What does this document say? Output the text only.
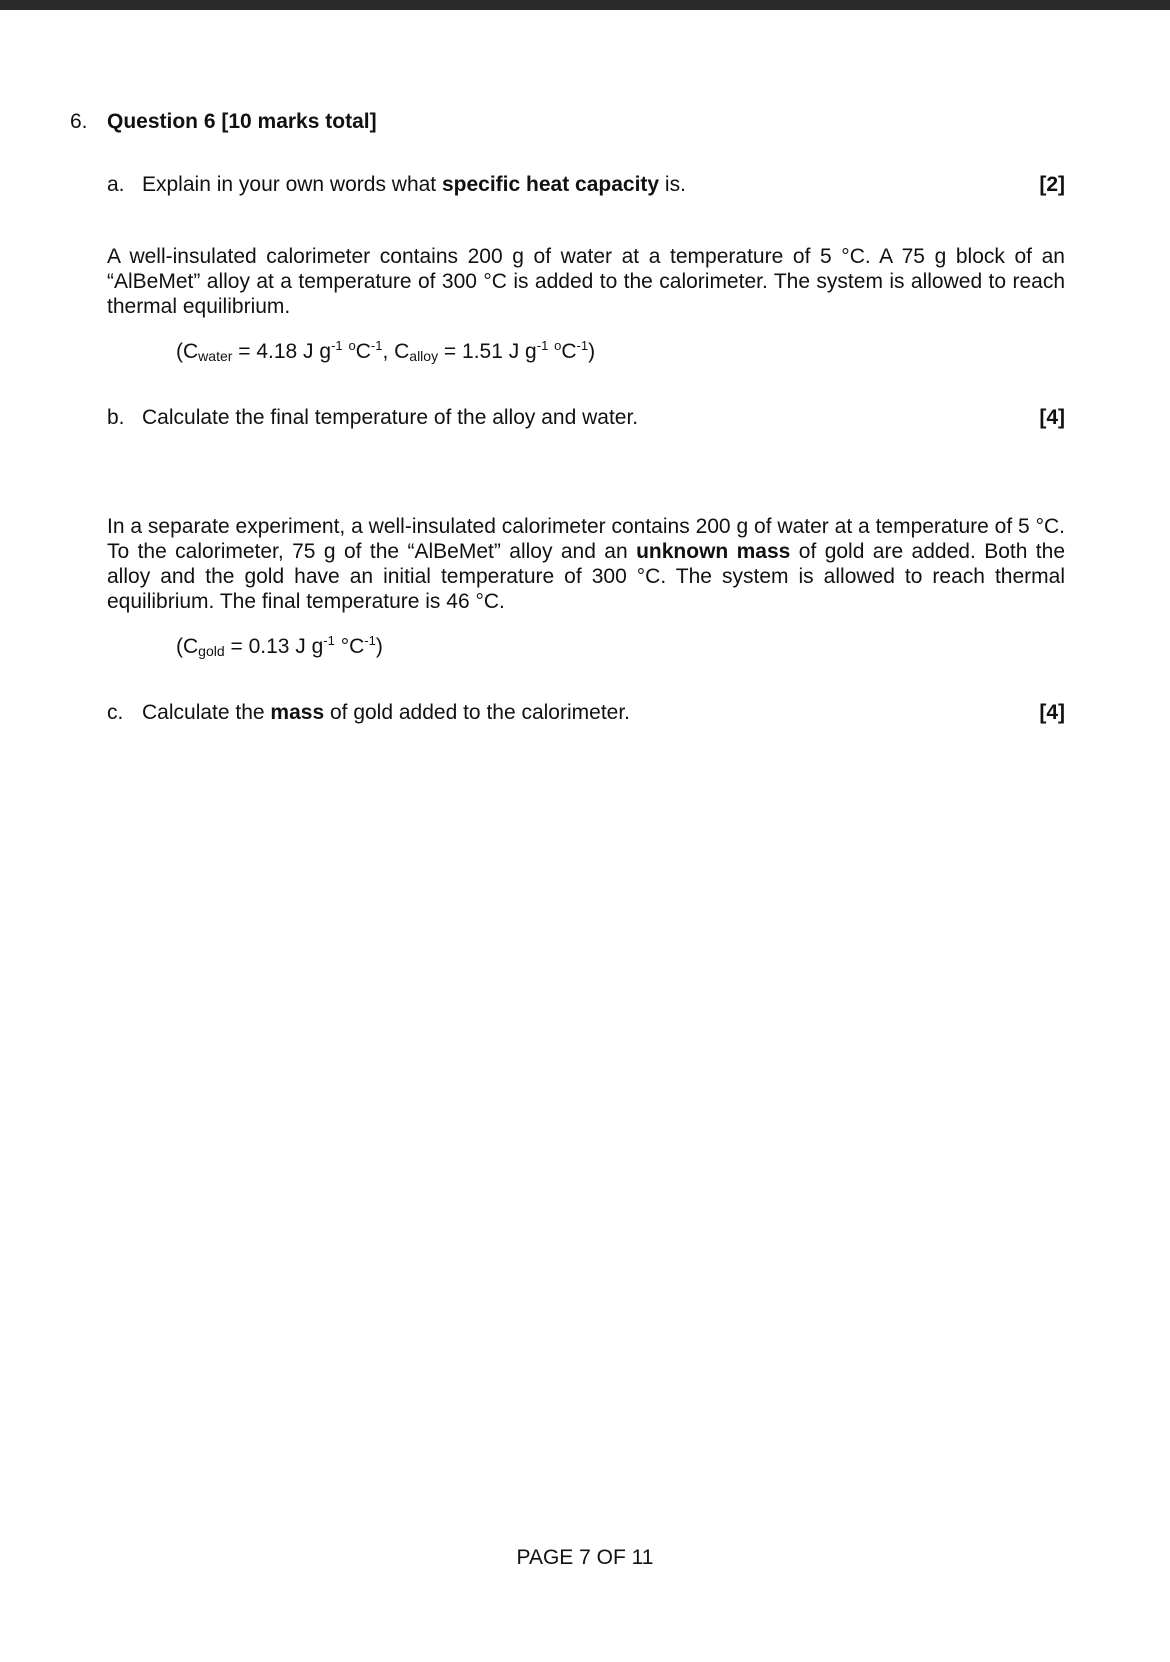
6. Question 6 [10 marks total]
a. Explain in your own words what specific heat capacity is.	[2]
A well-insulated calorimeter contains 200 g of water at a temperature of 5 °C. A 75 g block of an “AlBeMet” alloy at a temperature of 300 °C is added to the calorimeter. The system is allowed to reach thermal equilibrium.
($C_{water} = 4.18$ J $g^{-1}$ $^oC^{-1}$, $C_{alloy} = 1.51$ J $g^{-1}$ $^oC^{-1}$)
b. Calculate the final temperature of the alloy and water.	[4]
In a separate experiment, a well-insulated calorimeter contains 200 g of water at a temperature of 5 °C. To the calorimeter, 75 g of the “AlBeMet” alloy and an unknown mass of gold are added. Both the alloy and the gold have an initial temperature of 300 °C. The system is allowed to reach thermal equilibrium. The final temperature is 46 °C.
($C_{gold} = 0.13$ J $g^{-1}$ $^\circ C^{-1}$)
c. Calculate the mass of gold added to the calorimeter.	[4]
PAGE 7 OF 11
